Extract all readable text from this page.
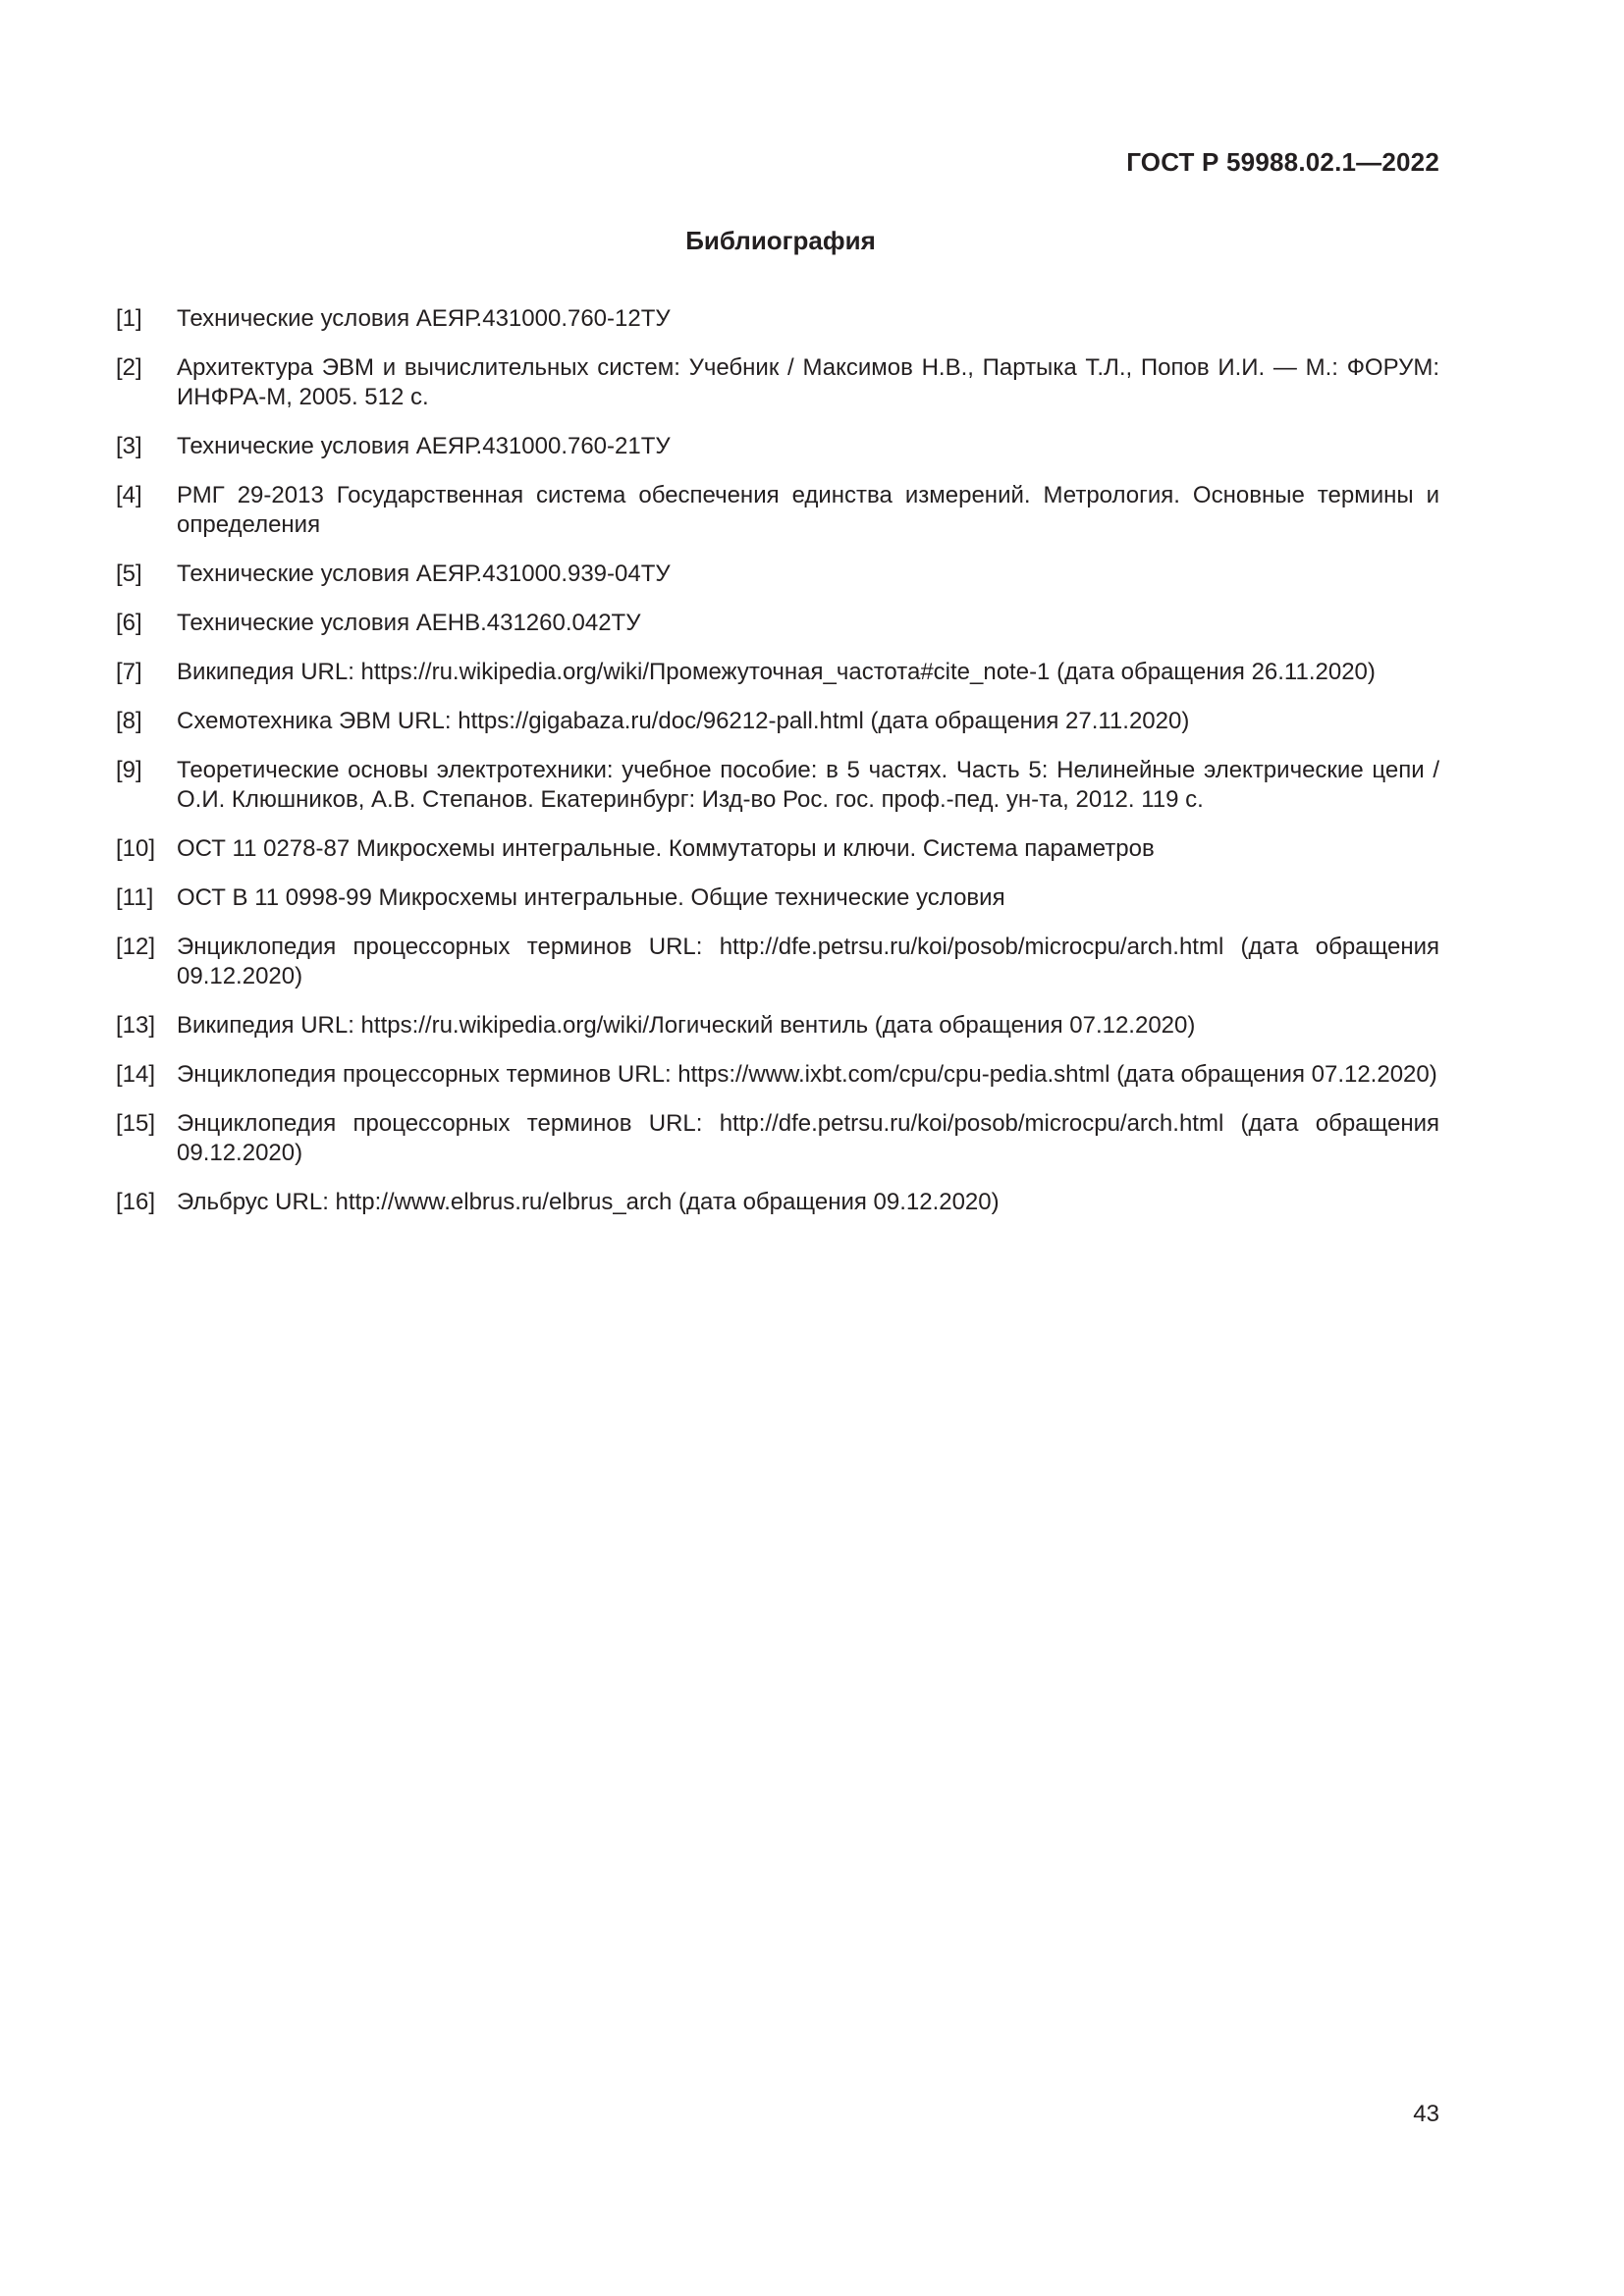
ГОСТ Р 59988.02.1—2022
Библиография
[1]	Технические условия АЕЯР.431000.760-12ТУ
[2]	Архитектура ЭВМ и вычислительных систем: Учебник / Максимов Н.В., Партыка Т.Л., Попов И.И. — М.: ФОРУМ: ИНФРА-М, 2005. 512 с.
[3]	Технические условия АЕЯР.431000.760-21ТУ
[4]	РМГ 29-2013 Государственная система обеспечения единства измерений. Метрология. Основные термины и определения
[5]	Технические условия АЕЯР.431000.939-04ТУ
[6]	Технические условия АЕНВ.431260.042ТУ
[7]	Википедия URL: https://ru.wikipedia.org/wiki/Промежуточная_частота#cite_note-1 (дата обращения 26.11.2020)
[8]	Схемотехника ЭВМ URL: https://gigabaza.ru/doc/96212-pall.html (дата обращения 27.11.2020)
[9]	Теоретические основы электротехники: учебное пособие: в 5 частях. Часть 5: Нелинейные электрические цепи / О.И. Клюшников, А.В. Степанов. Екатеринбург: Изд-во Рос. гос. проф.-пед. ун-та, 2012. 119 с.
[10] ОСТ 11 0278-87 Микросхемы интегральные. Коммутаторы и ключи. Система параметров
[11] ОСТ В 11 0998-99 Микросхемы интегральные. Общие технические условия
[12] Энциклопедия процессорных терминов URL: http://dfe.petrsu.ru/koi/posob/microcpu/arch.html (дата обращения 09.12.2020)
[13] Википедия URL: https://ru.wikipedia.org/wiki/Логический вентиль (дата обращения 07.12.2020)
[14] Энциклопедия процессорных терминов URL: https://www.ixbt.com/cpu/cpu-pedia.shtml (дата обращения 07.12.2020)
[15] Энциклопедия процессорных терминов URL: http://dfe.petrsu.ru/koi/posob/microcpu/arch.html (дата обращения 09.12.2020)
[16] Эльбрус URL: http://www.elbrus.ru/elbrus_arch (дата обращения 09.12.2020)
43
